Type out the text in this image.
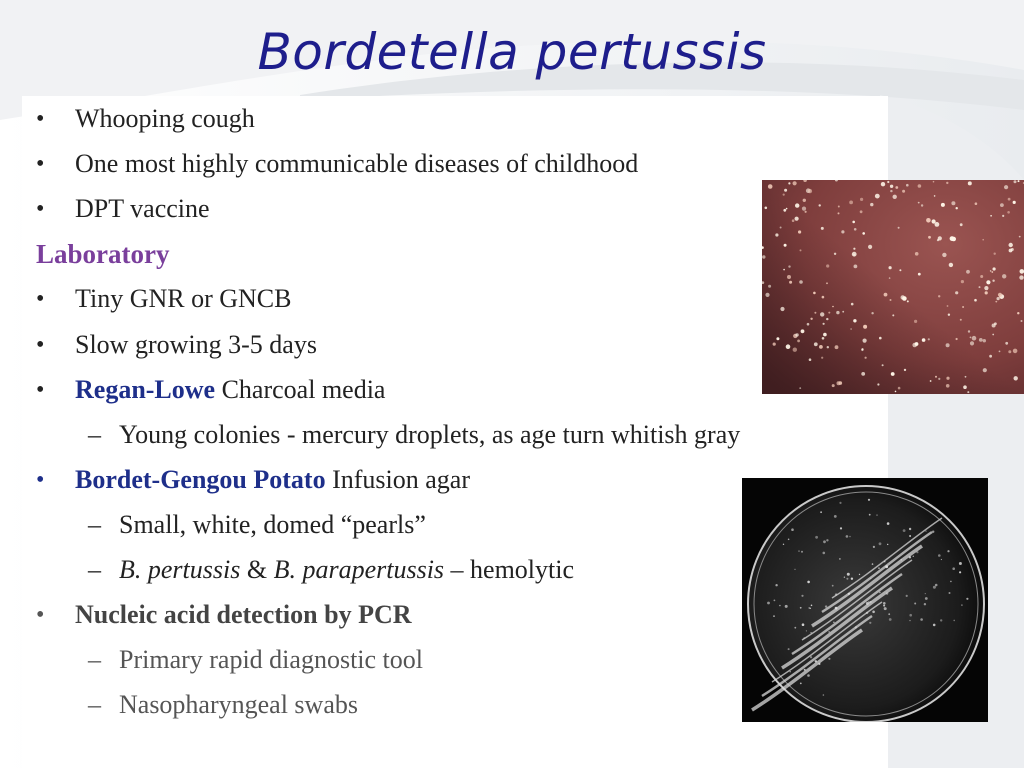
Bordetella pertussis
• Whooping cough
• One most highly communicable diseases of childhood
• DPT vaccine
Laboratory
• Tiny GNR or GNCB
• Slow growing 3-5 days
• Regan-Lowe Charcoal media
– Young colonies - mercury droplets, as age turn whitish gray
• Bordet-Gengou Potato Infusion agar
– Small, white, domed “pearls”
– B. pertussis & B. parapertussis – hemolytic
• Nucleic acid detection by PCR
– Primary rapid diagnostic tool
– Nasopharyngeal swabs
